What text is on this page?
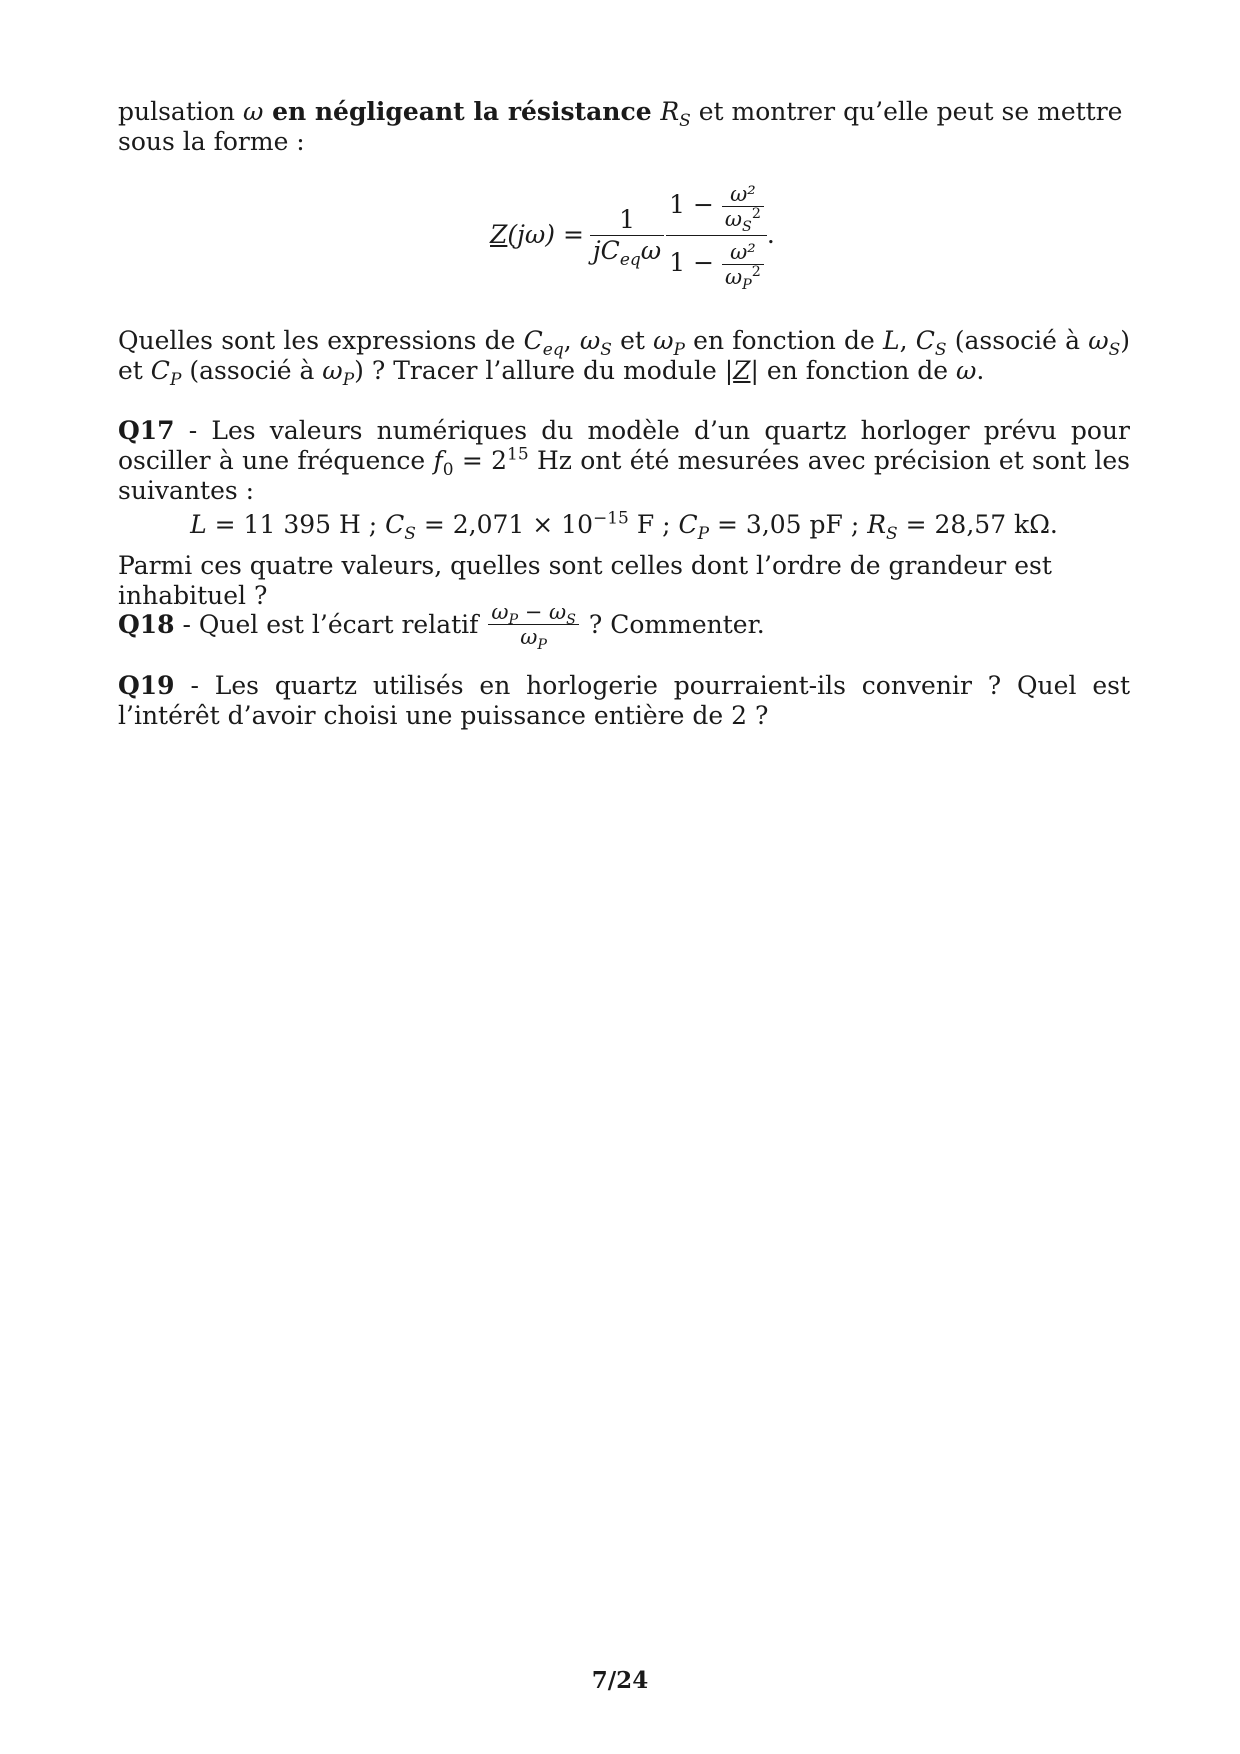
pulsation ω en négligeant la résistance $R_S$ et montrer qu’elle peut se mettre sous la forme :
Z $(j\omega) = \frac{1}{jC_{eq}\omega} \frac{1 - \frac{\text{ω²}}{\omega_S^2}}{1 - \frac{\text{ω²}}{\omega_P^2}}$ .
Quelles sont les expressions de $C_{eq}$, $\omega_S$ et $\omega_P$ en fonction de L, $C_S$ (associé à $\omega_S$) et $C_P$ (associé à $\omega_P$) ? Tracer l’allure du module |Z| en fonction de ω.
Q17 - Les valeurs numériques du modèle d’un quartz horloger prévu pour osciller à une fréquence $f_0 = 2^{15}$ Hz ont été mesurées avec précision et sont les suivantes :
L = 11 395 H ; $C_S = 2,071 \times 10^{-15}$ F ; $C_P = 3,05$ pF ; $R_S = 28,57$ kΩ.
Parmi ces quatre valeurs, quelles sont celles dont l’ordre de grandeur est inhabituel ?
Q18 - Quel est l’écart relatif $\frac{\omega_P - \omega_S}{\omega_P}$ ? Commenter.
Q19 - Les quartz utilisés en horlogerie pourraient-ils convenir ? Quel est l’intérêt d’avoir choisi une puissance entière de 2 ?
7/24
